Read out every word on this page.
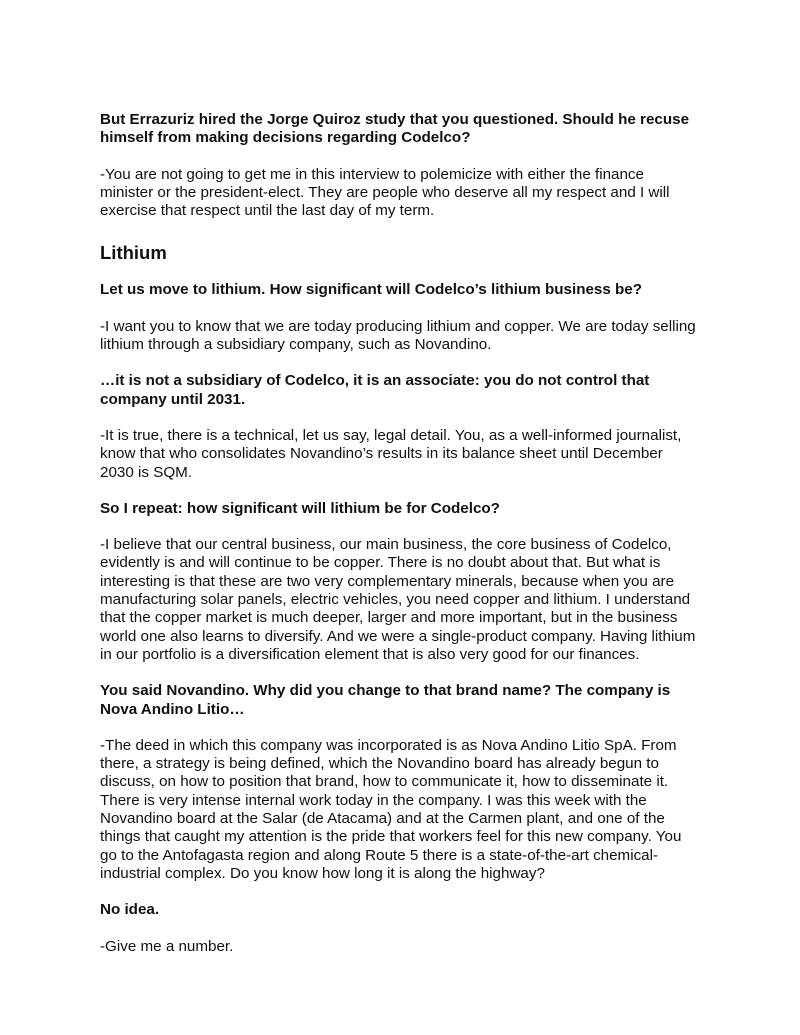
But Errazuriz hired the Jorge Quiroz study that you questioned. Should he recuse himself from making decisions regarding Codelco?

-You are not going to get me in this interview to polemicize with either the finance minister or the president-elect. They are people who deserve all my respect and I will exercise that respect until the last day of my term.

Lithium

Let us move to lithium. How significant will Codelco’s lithium business be?

-I want you to know that we are today producing lithium and copper. We are today selling lithium through a subsidiary company, such as Novandino.

…it is not a subsidiary of Codelco, it is an associate: you do not control that company until 2031.

-It is true, there is a technical, let us say, legal detail. You, as a well-informed journalist, know that who consolidates Novandino’s results in its balance sheet until December 2030 is SQM.

So I repeat: how significant will lithium be for Codelco?

-I believe that our central business, our main business, the core business of Codelco, evidently is and will continue to be copper. There is no doubt about that. But what is interesting is that these are two very complementary minerals, because when you are manufacturing solar panels, electric vehicles, you need copper and lithium. I understand that the copper market is much deeper, larger and more important, but in the business world one also learns to diversify. And we were a single-product company. Having lithium in our portfolio is a diversification element that is also very good for our finances.

You said Novandino. Why did you change to that brand name? The company is Nova Andino Litio…

-The deed in which this company was incorporated is as Nova Andino Litio SpA. From there, a strategy is being defined, which the Novandino board has already begun to discuss, on how to position that brand, how to communicate it, how to disseminate it. There is very intense internal work today in the company. I was this week with the Novandino board at the Salar (de Atacama) and at the Carmen plant, and one of the things that caught my attention is the pride that workers feel for this new company. You go to the Antofagasta region and along Route 5 there is a state-of-the-art chemical-industrial complex. Do you know how long it is along the highway?

No idea.

-Give me a number.
